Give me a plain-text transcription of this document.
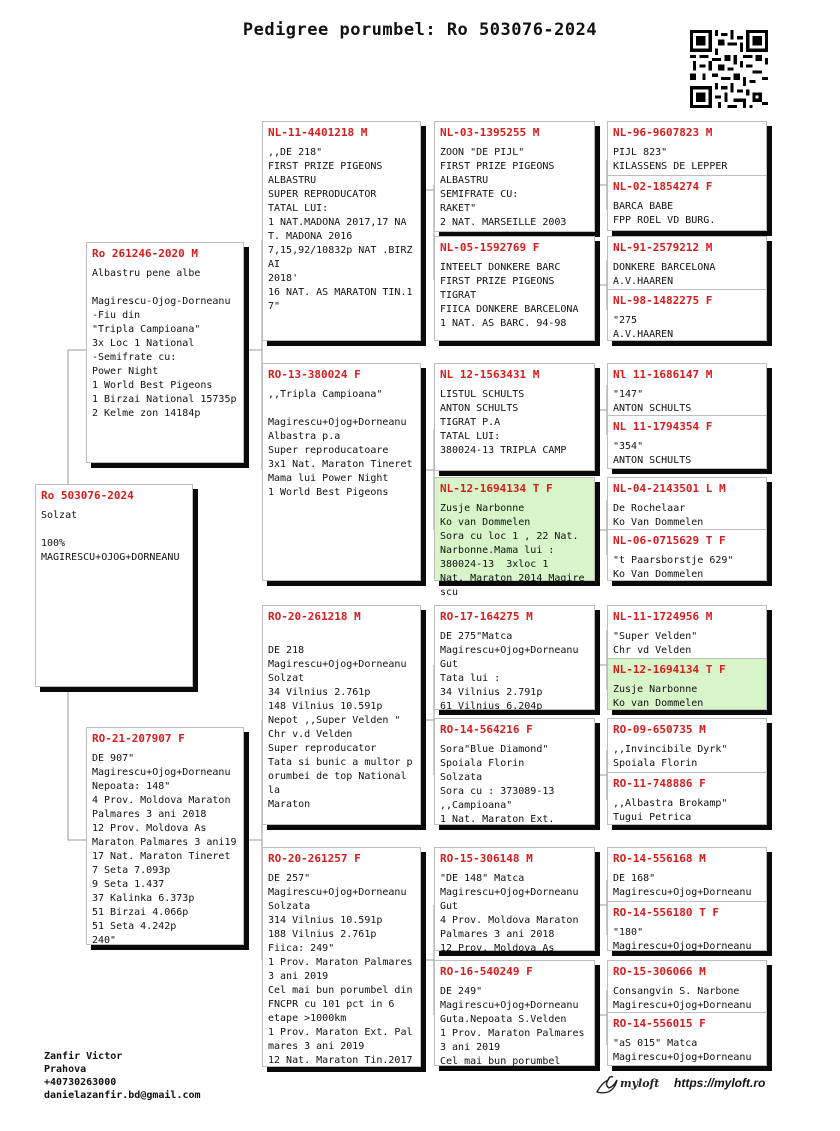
Pedigree porumbel: Ro 503076-2024
Ro 503076-2024
Solzat

100%
MAGIRESCU+OJOG+DORNEANU
Ro 261246-2020 M
Albastru pene albe

Magirescu-Ojog-Dorneanu
-Fiu din
"Tripla Campioana"
3x Loc 1 National
-Semifrate cu:
Power Night
1 World Best Pigeons
1 Birzai National 15735p
2 Kelme zon 14184p
RO-21-207907 F
DE 907"
Magirescu+Ojog+Dorneanu
Nepoata: 148"
4 Prov. Moldova Maraton
Palmares 3 ani 2018
12 Prov. Moldova As
Maraton Palmares 3 ani19
17 Nat. Maraton Tineret
7 Seta 7.093p
9 Seta 1.437
37 Kalinka 6.373p
51 Birzai 4.066p
51 Seta 4.242p
240"
NL-11-4401218 M
,,DE 218"
FIRST PRIZE PIGEONS
ALBASTRU
SUPER REPRODUCATOR
TATAL LUI:
1 NAT.MADONA 2017,17 NAT. MADONA 2016
7,15,92/10832p NAT .BIRZAI
2018'
16 NAT. AS MARATON TIN.17"
RO-13-380024 F
,,Tripla Campioana"

Magirescu+Ojog+Dorneanu
Albastra p.a
Super reproducatoare
3x1 Nat. Maraton Tineret
Mama lui Power Night
1 World Best Pigeons
RO-20-261218 M

DE 218
Magirescu+Ojog+Dorneanu
Solzat
34 Vilnius 2.761p
148 Vilnius 10.591p
Nepot ,,Super Velden "
Chr v.d Velden
Super reproducator
Tata si bunic a multor porumbei de top National la
Maraton
RO-20-261257 F
DE 257"
Magirescu+Ojog+Dorneanu
Solzata
314 Vilnius 10.591p
188 Vilnius 2.761p
Fiica: 249"
1 Prov. Maraton Palmares
3 ani 2019
Cel mai bun porumbel din FNCPR cu 101 pct in 6
etape >1000km
1 Prov. Maraton Ext. Palmares 3 ani 2019
12 Nat. Maraton Tin.2017
NL-03-1395255 M
ZOON "DE PIJL"
FIRST PRIZE PIGEONS
ALBASTRU
SEMIFRATE CU:
RAKET"
2 NAT. MARSEILLE 2003
NL-05-1592769 F
INTEELT DONKERE BARC
FIRST PRIZE PIGEONS
TIGRAT
FIICA DONKERE BARCELONA
1 NAT. AS BARC. 94-98
NL 12-1563431 M
LISTUL SCHULTS
ANTON SCHULTS
TIGRAT P.A
TATAL LUI:
380024-13 TRIPLA CAMP
NL-12-1694134 T F
Zusje Narbonne
Ko van Dommelen
Sora cu loc 1 , 22 Nat. Narbonne.Mama lui :
380024-13  3xloc 1
Nat. Maraton 2014 Magirescu
RO-17-164275 M
DE 275"Matca
Magirescu+Ojog+Dorneanu
Gut
Tata lui :
34 Vilnius 2.791p
61 Vilnius 6.204p
RO-14-564216 F
Sora"Blue Diamond"
Spoiala Florin
Solzata
Sora cu : 373089-13
,,Campioana"
1 Nat. Maraton Ext.
RO-15-306148 M
"DE 148" Matca
Magirescu+Ojog+Dorneanu
Gut
4 Prov. Moldova Maraton
Palmares 3 ani 2018
12 Prov. Moldova As
RO-16-540249 F
DE 249"
Magirescu+Ojog+Dorneanu
Guta.Nepoata S.Velden
1 Prov. Maraton Palmares
3 ani 2019
Cel mai bun porumbel
NL-96-9607823 M
PIJL 823"
KILASSENS DE LEPPER
NL-02-1854274 F
BARCA BABE
FPP ROEL VD BURG.
NL-91-2579212 M
DONKERE BARCELONA
A.V.HAAREN
NL-98-1482275 F
"275
A.V.HAAREN
Nl 11-1686147 M
"147"
ANTON SCHULTS
NL 11-1794354 F
"354"
ANTON SCHULTS
NL-04-2143501 L M
De Rochelaar
Ko Van Dommelen
NL-06-0715629 T F
"t Paarsborstje 629"
Ko Van Dommelen
NL-11-1724956 M
"Super Velden"
Chr vd Velden
NL-12-1694134 T F
Zusje Narbonne
Ko van Dommelen
RO-09-650735 M
,,Invincibile Dyrk"
Spoiala Florin
RO-11-748886 F
,,Albastra Brokamp"
Tugui Petrica
RO-14-556168 M
DE 168"
Magirescu+Ojog+Dorneanu
RO-14-556180 T F
"180"
Magirescu+Ojog+Dorneanu
RO-15-306066 M
Consangvin S. Narbone
Magirescu+Ojog+Dorneanu
RO-14-556015 F
"aS 015" Matca
Magirescu+Ojog+Dorneanu
Zanfir Victor
Prahova
+40730263000
danielazanfir.bd@gmail.com
myloft https://myloft.ro
